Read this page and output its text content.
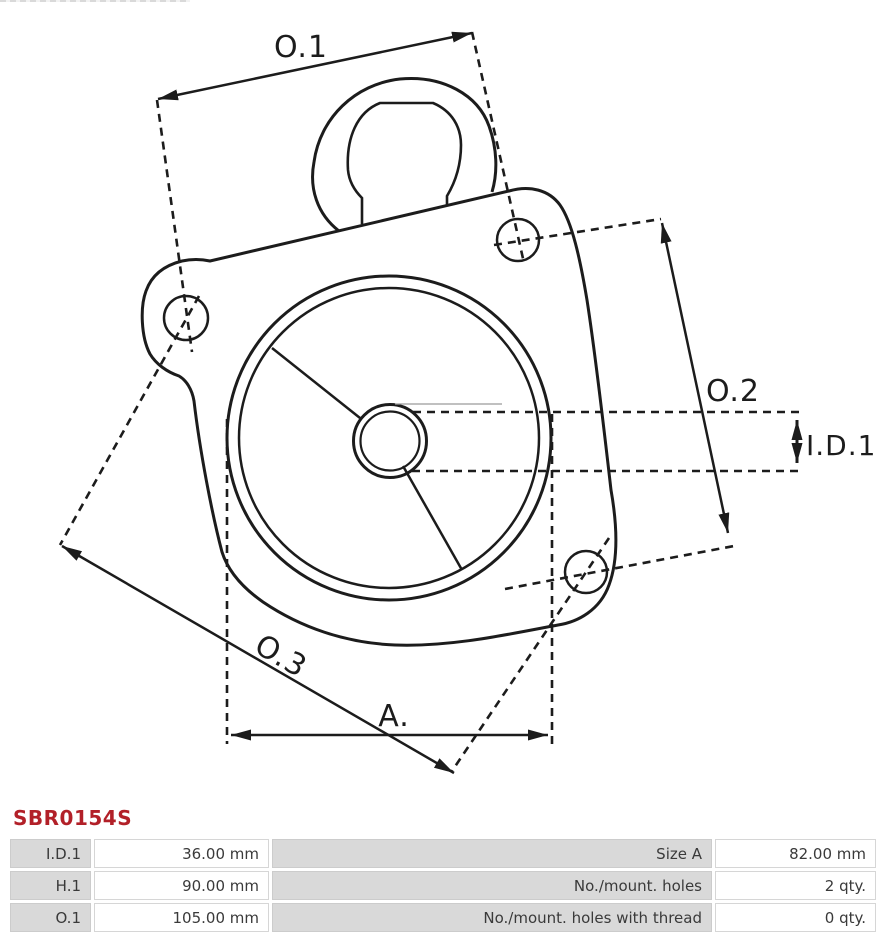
O.1
O.2
I.D.1
O.3
A.
SBR0154S
I.D.1	36.00 mm	Size A	82.00 mm
H.1	90.00 mm	No./mount. holes	2 qty.
O.1	105.00 mm	No./mount. holes with thread	0 qty.
